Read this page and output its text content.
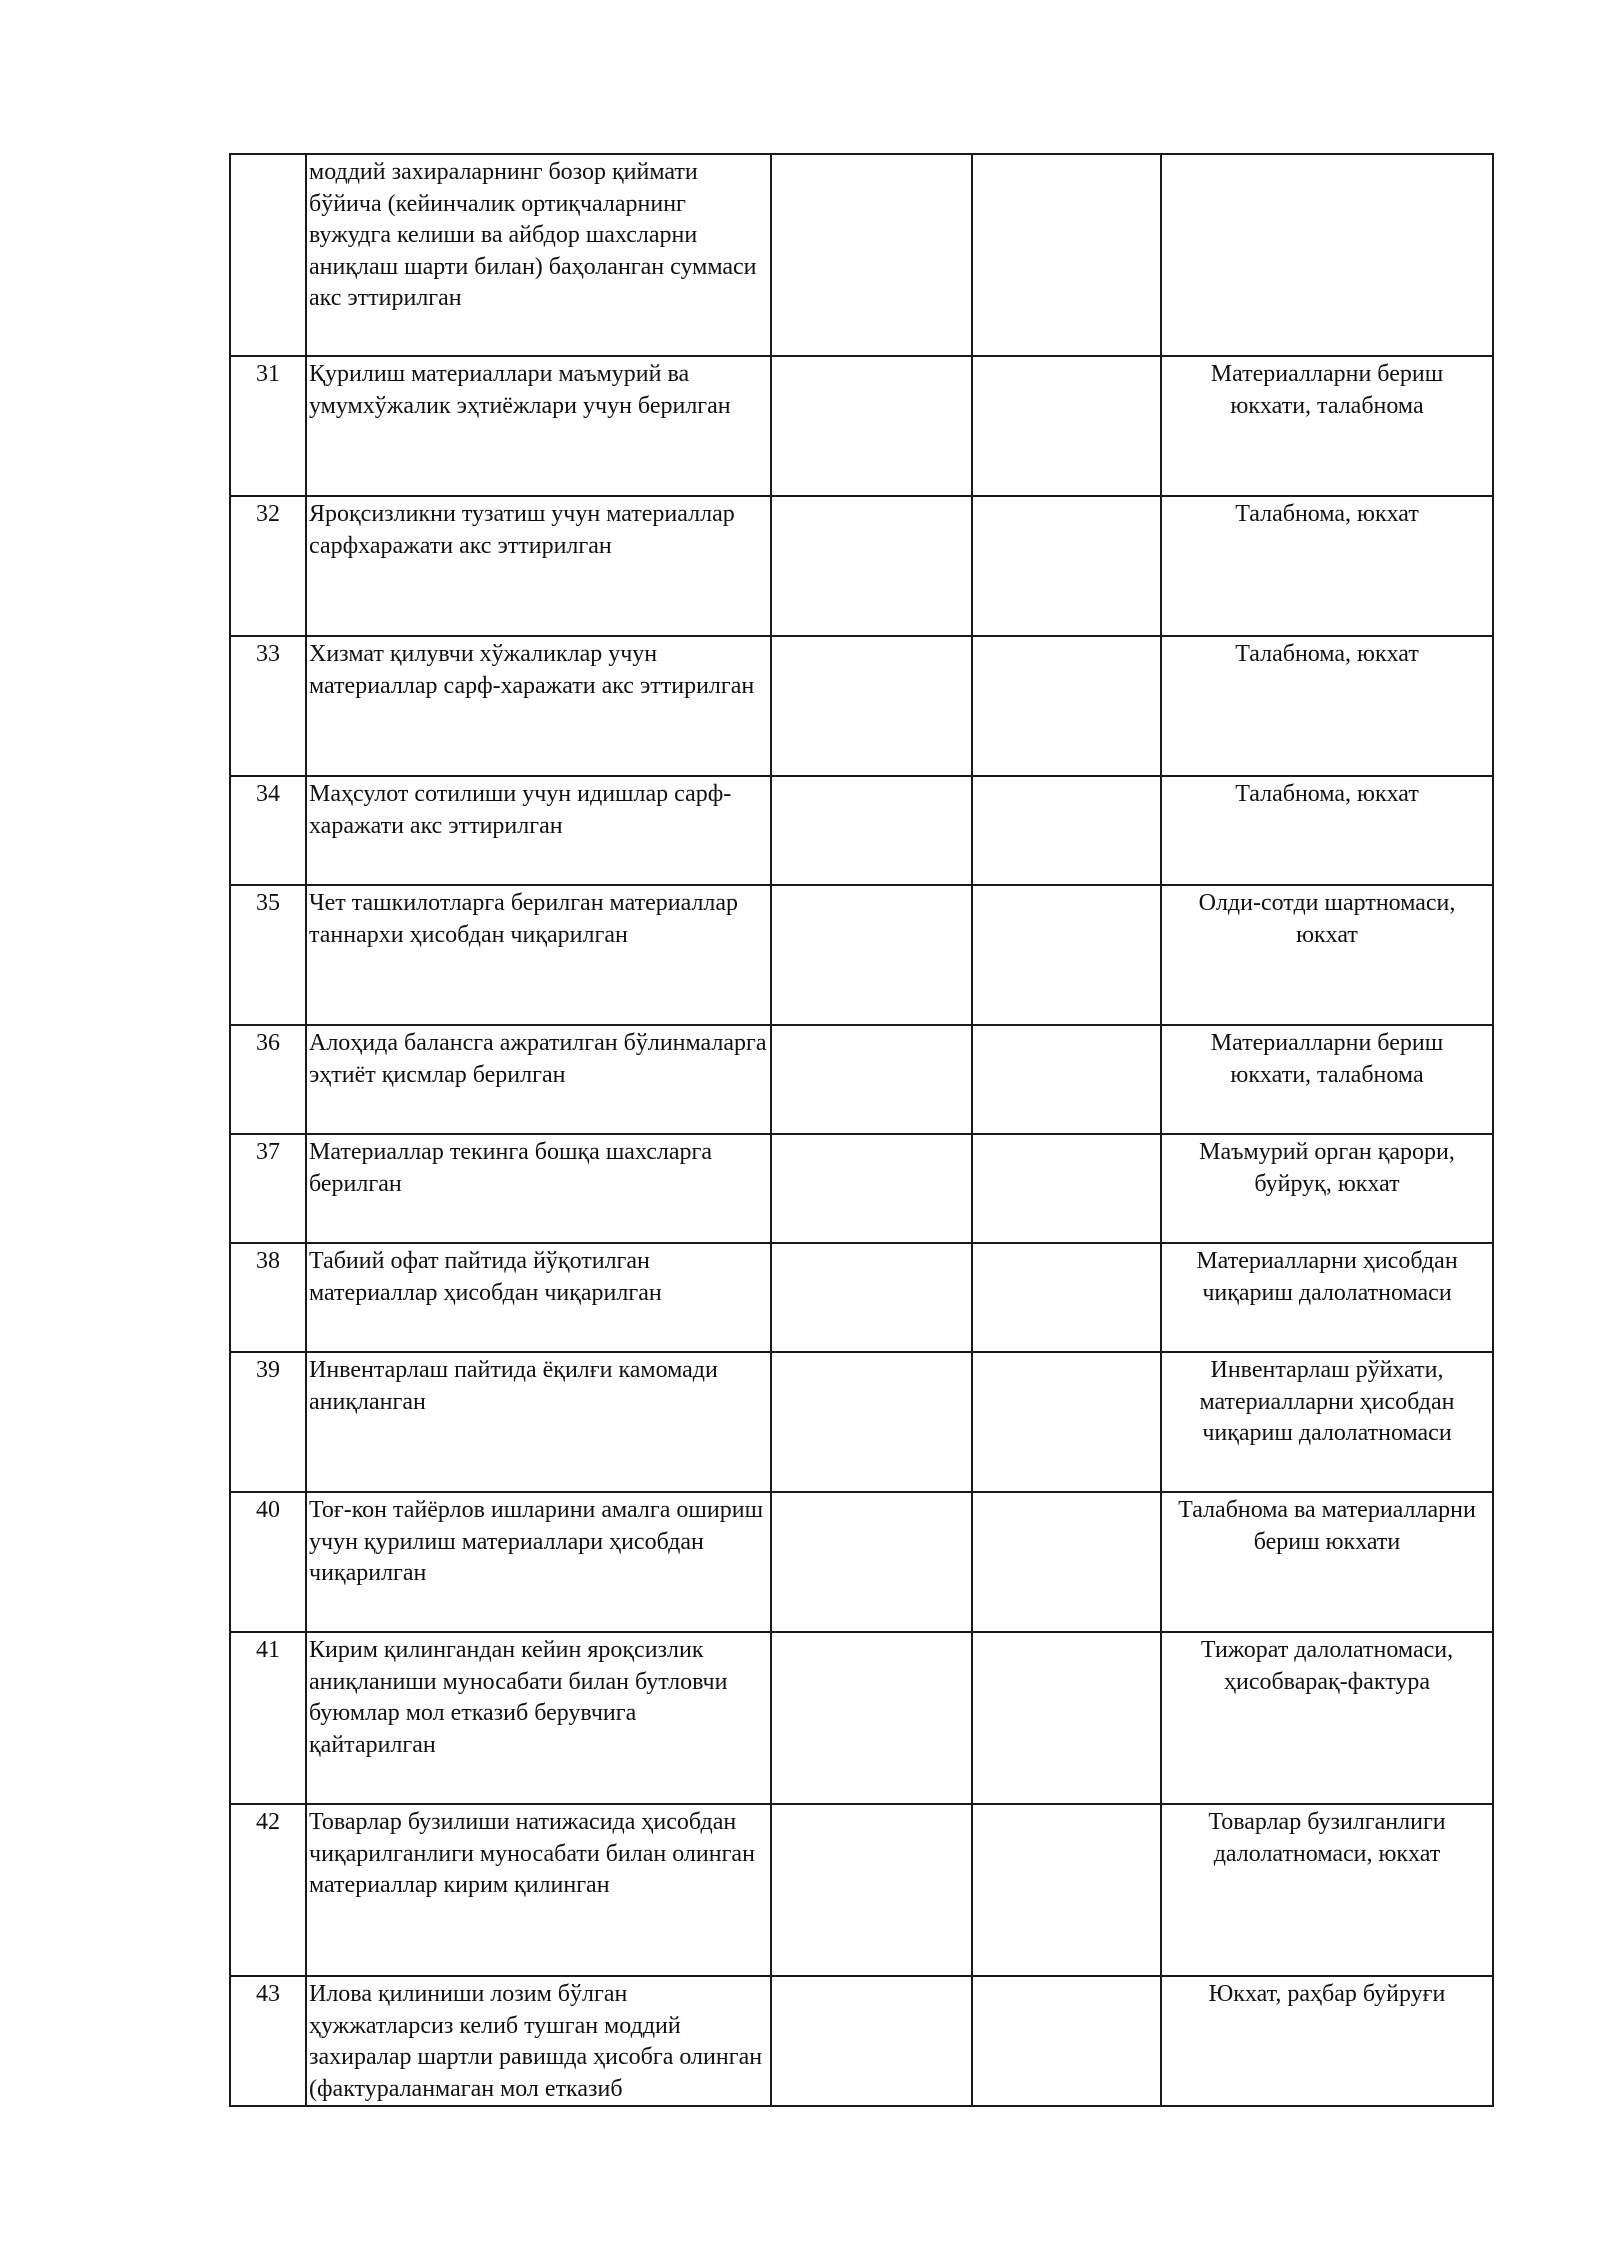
	моддий захираларнинг бозор қиймати бўйича (кейинчалик ортиқчаларнинг вужудга келиши ва айбдор шахсларни аниқлаш шарти билан) баҳоланган суммаси акс эттирилган			
31	Қурилиш материаллари маъмурий ва умумхўжалик эҳтиёжлари учун берилган			Материалларни бериш юкхати, талабнома
32	Яроқсизликни тузатиш учун материаллар сарфхаражати акс эттирилган			Талабнома, юкхат
33	Хизмат қилувчи хўжаликлар учун материаллар сарф-харажати акс эттирилган			Талабнома, юкхат
34	Маҳсулот сотилиши учун идишлар сарф-харажати акс эттирилган			Талабнома, юкхат
35	Чет ташкилотларга берилган материаллар таннархи ҳисобдан чиқарилган			Олди-сотди шартномаси, юкхат
36	Алоҳида балансга ажратилган бўлинмаларга эҳтиёт қисмлар берилган			Материалларни бериш юкхати, талабнома
37	Материаллар текинга бошқа шахсларга берилган			Маъмурий орган қарори, буйруқ, юкхат
38	Табиий офат пайтида йўқотилган материаллар ҳисобдан чиқарилган			Материалларни ҳисобдан чиқариш далолатномаси
39	Инвентарлаш пайтида ёқилғи камомади аниқланган			Инвентарлаш рўйхати, материалларни ҳисобдан чиқариш далолатномаси
40	Тоғ-кон тайёрлов ишларини амалга ошириш учун қурилиш материаллари ҳисобдан чиқарилган			Талабнома ва материалларни бериш юкхати
41	Кирим қилингандан кейин яроқсизлик аниқланиши муносабати билан бутловчи буюмлар мол етказиб берувчига қайтарилган			Тижорат далолатномаси, ҳисобварақ-фактура
42	Товарлар бузилиши натижасида ҳисобдан чиқарилганлиги муносабати билан олинган материаллар кирим қилинган			Товарлар бузилганлиги далолатномаси, юкхат
43	Илова қилиниши лозим бўлган ҳужжатларсиз келиб тушган моддий захиралар шартли равишда ҳисобга олинган (фактураланмаган мол етказиб			Юкхат, раҳбар буйруғи
